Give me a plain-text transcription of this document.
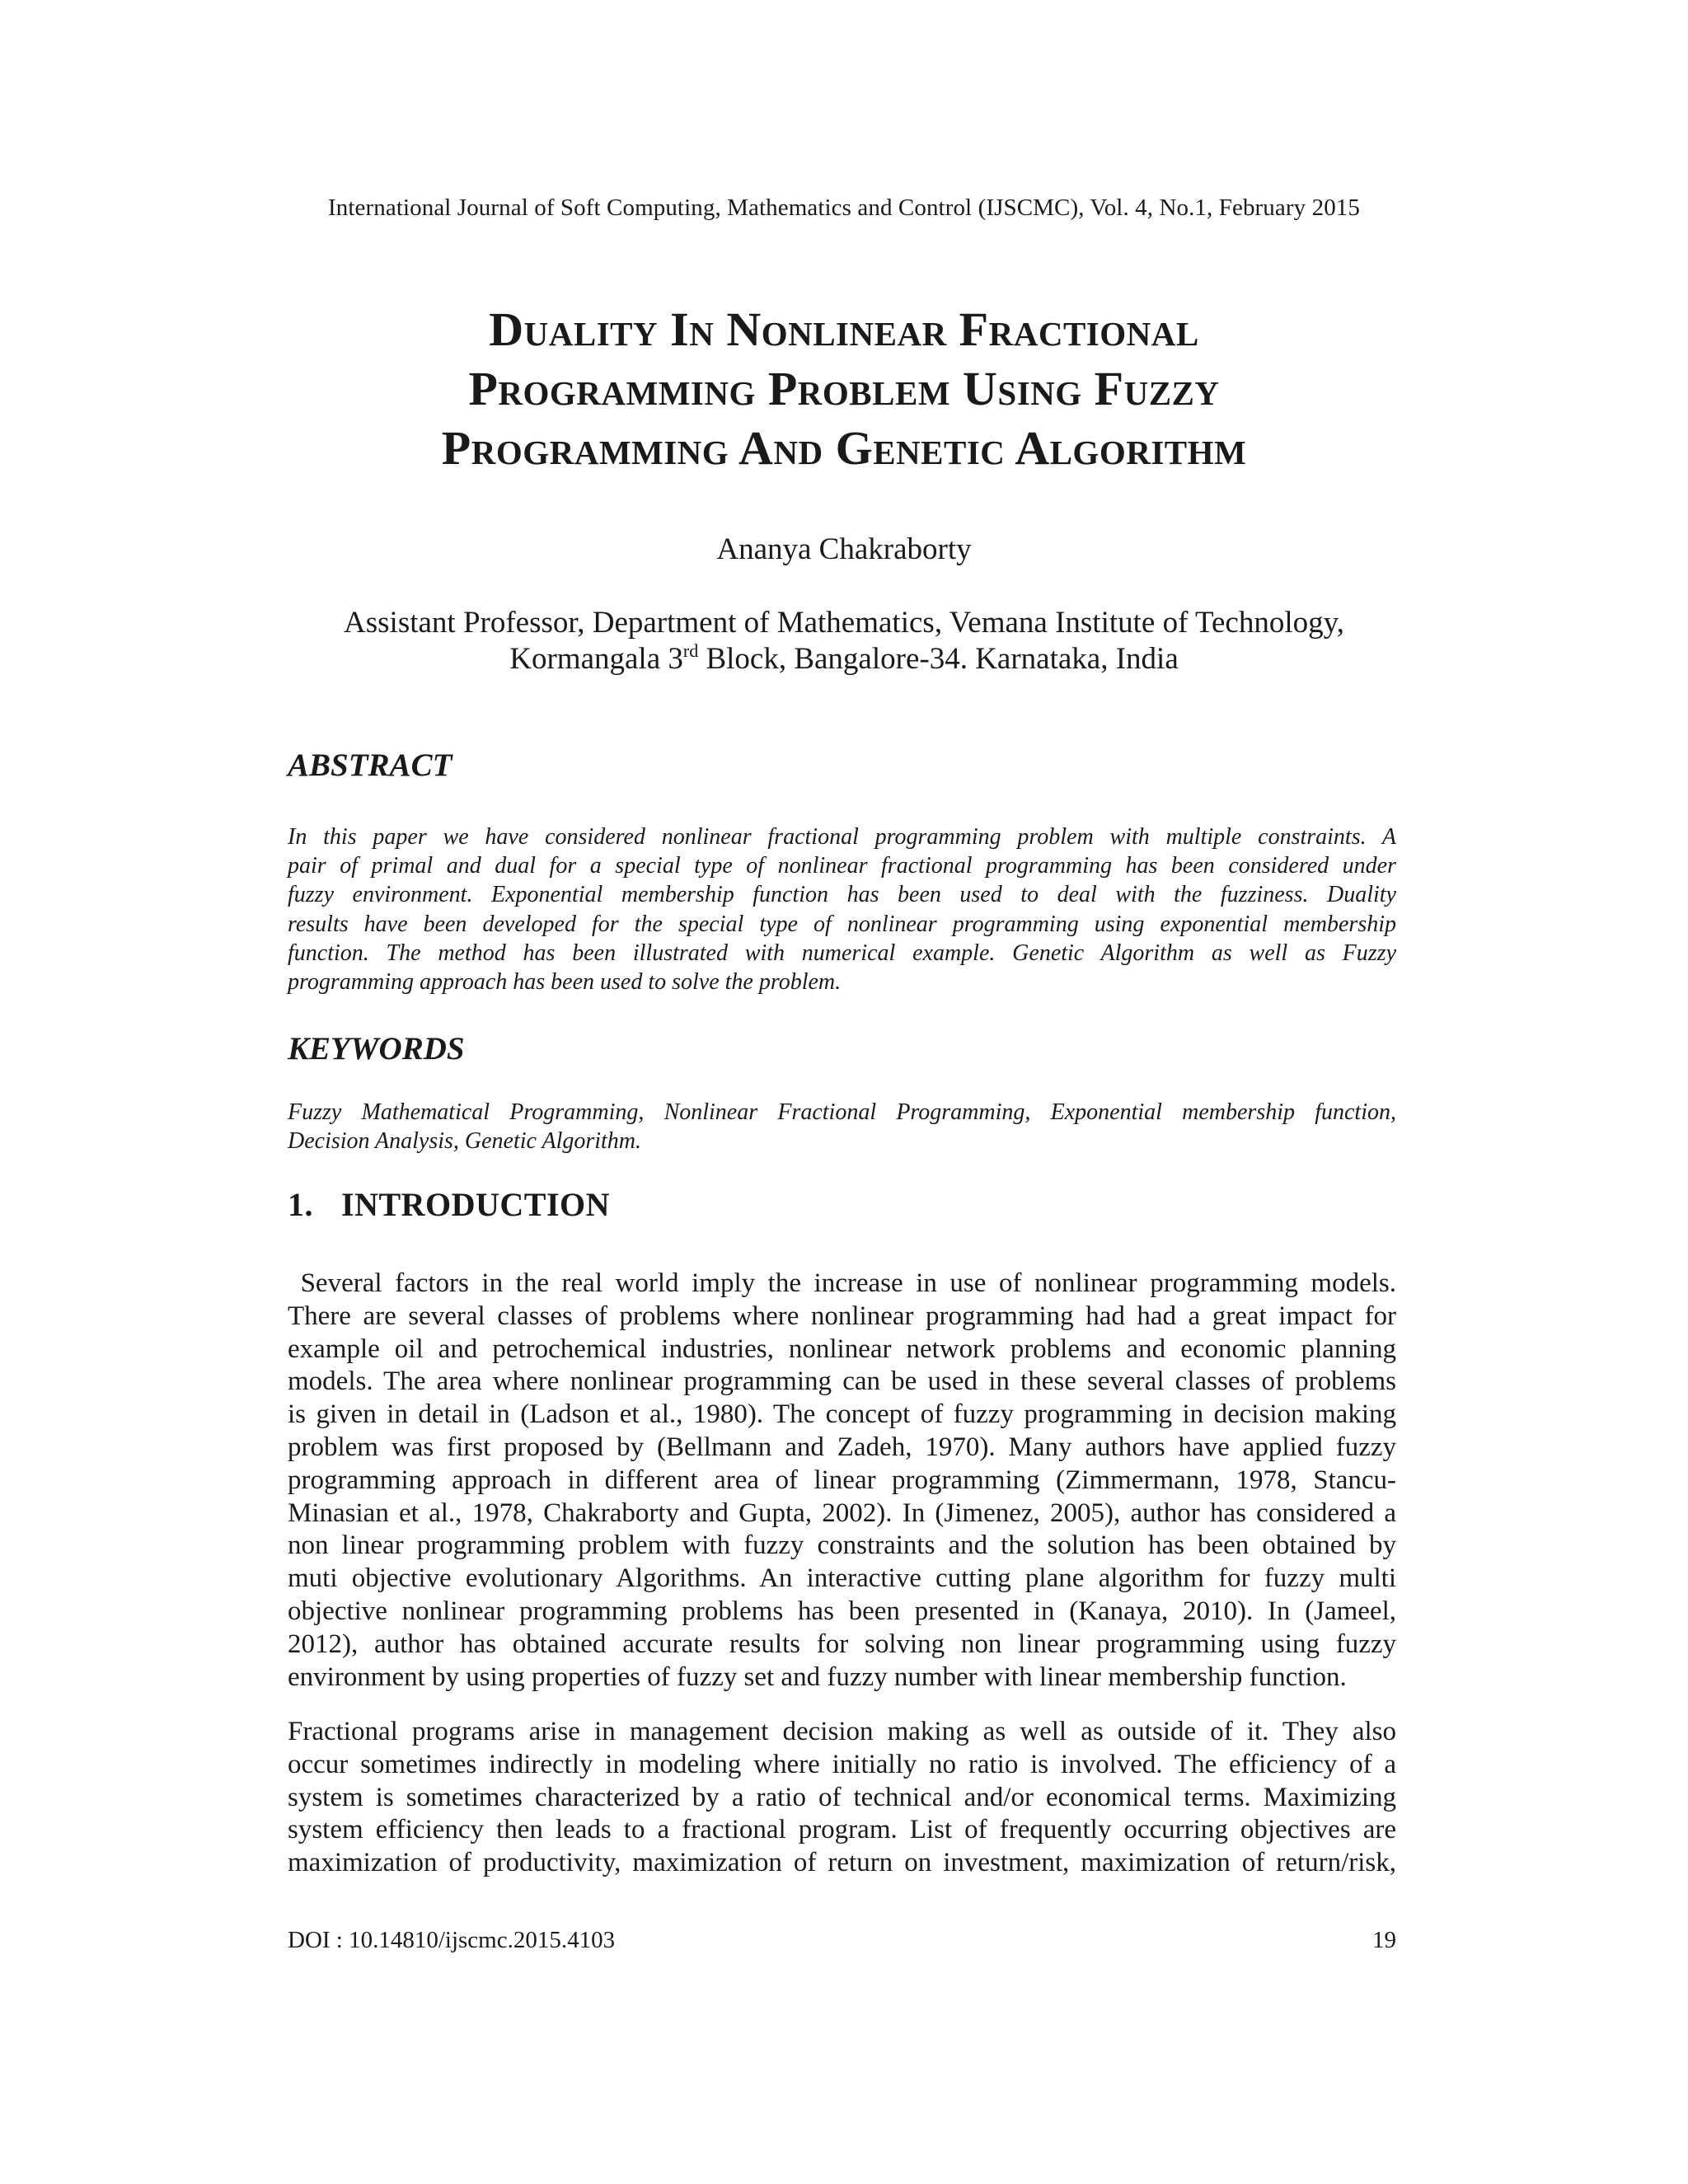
International Journal of Soft Computing, Mathematics and Control (IJSCMC), Vol. 4, No.1, February 2015
Duality In Nonlinear Fractional
Programming Problem Using Fuzzy
Programming And Genetic Algorithm
Ananya Chakraborty
Assistant Professor, Department of Mathematics, Vemana Institute of Technology,
Kormangala 3rd Block, Bangalore-34. Karnataka, India
ABSTRACT
In this paper we have considered nonlinear fractional programming problem with multiple constraints. A
pair of primal and dual for a special type of nonlinear fractional programming has been considered under
fuzzy environment. Exponential membership function has been used to deal with the fuzziness. Duality
results have been developed for the special type of nonlinear programming using exponential membership
function. The method has been illustrated with numerical example. Genetic Algorithm as well as Fuzzy
programming approach has been used to solve the problem.
KEYWORDS
Fuzzy Mathematical Programming, Nonlinear Fractional Programming, Exponential membership function,
Decision Analysis, Genetic Algorithm.
1. INTRODUCTION
Several factors in the real world imply the increase in use of nonlinear programming models.
There are several classes of problems where nonlinear programming had had a great impact for
example oil and petrochemical industries, nonlinear network problems and economic planning
models. The area where nonlinear programming can be used in these several classes of problems
is given in detail in (Ladson et al., 1980). The concept of fuzzy programming in decision making
problem was first proposed by (Bellmann and Zadeh, 1970). Many authors have applied fuzzy
programming approach in different area of linear programming (Zimmermann, 1978, Stancu-
Minasian et al., 1978, Chakraborty and Gupta, 2002). In (Jimenez, 2005), author has considered a
non linear programming problem with fuzzy constraints and the solution has been obtained by
muti objective evolutionary Algorithms. An interactive cutting plane algorithm for fuzzy multi
objective nonlinear programming problems has been presented in (Kanaya, 2010). In (Jameel,
2012), author has obtained accurate results for solving non linear programming using fuzzy
environment by using properties of fuzzy set and fuzzy number with linear membership function.
Fractional programs arise in management decision making as well as outside of it. They also
occur sometimes indirectly in modeling where initially no ratio is involved. The efficiency of a
system is sometimes characterized by a ratio of technical and/or economical terms. Maximizing
system efficiency then leads to a fractional program. List of frequently occurring objectives are
maximization of productivity, maximization of return on investment, maximization of return/risk,
DOI : 10.14810/ijscmc.2015.4103	19
